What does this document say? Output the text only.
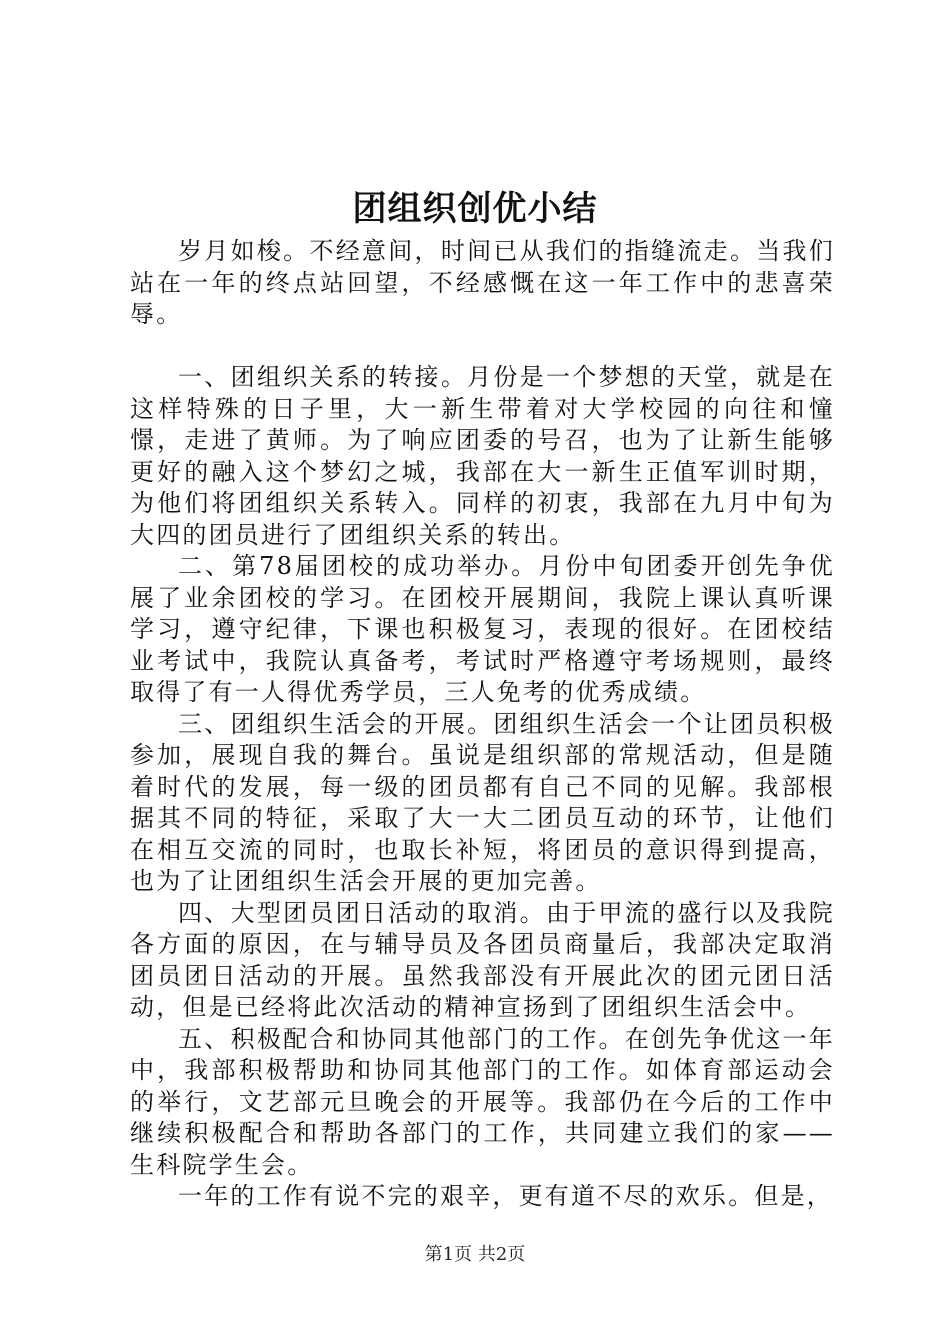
团组织创优小结

岁月如梭。不经意间，时间已从我们的指缝流走。当我们站在一年的终点站回望，不经感慨在这一年工作中的悲喜荣辱。

一、团组织关系的转接。月份是一个梦想的天堂，就是在这样特殊的日子里，大一新生带着对大学校园的向往和憧憬，走进了黄师。为了响应团委的号召，也为了让新生能够更好的融入这个梦幻之城，我部在大一新生正值军训时期，为他们将团组织关系转入。同样的初衷，我部在九月中旬为大四的团员进行了团组织关系的转出。

二、第78届团校的成功举办。月份中旬团委开创先争优展了业余团校的学习。在团校开展期间，我院上课认真听课学习，遵守纪律，下课也积极复习，表现的很好。在团校结业考试中，我院认真备考，考试时严格遵守考场规则，最终取得了有一人得优秀学员，三人免考的优秀成绩。

三、团组织生活会的开展。团组织生活会一个让团员积极参加，展现自我的舞台。虽说是组织部的常规活动，但是随着时代的发展，每一级的团员都有自己不同的见解。我部根据其不同的特征，采取了大一大二团员互动的环节，让他们在相互交流的同时，也取长补短，将团员的意识得到提高，也为了让团组织生活会开展的更加完善。

四、大型团员团日活动的取消。由于甲流的盛行以及我院各方面的原因，在与辅导员及各团员商量后，我部决定取消团员团日活动的开展。虽然我部没有开展此次的团元团日活动，但是已经将此次活动的精神宣扬到了团组织生活会中。

五、积极配合和协同其他部门的工作。在创先争优这一年中，我部积极帮助和协同其他部门的工作。如体育部运动会的举行，文艺部元旦晚会的开展等。我部仍在今后的工作中继续积极配合和帮助各部门的工作，共同建立我们的家——生科院学生会。

一年的工作有说不完的艰辛，更有道不尽的欢乐。但是，

第1页 共2页
